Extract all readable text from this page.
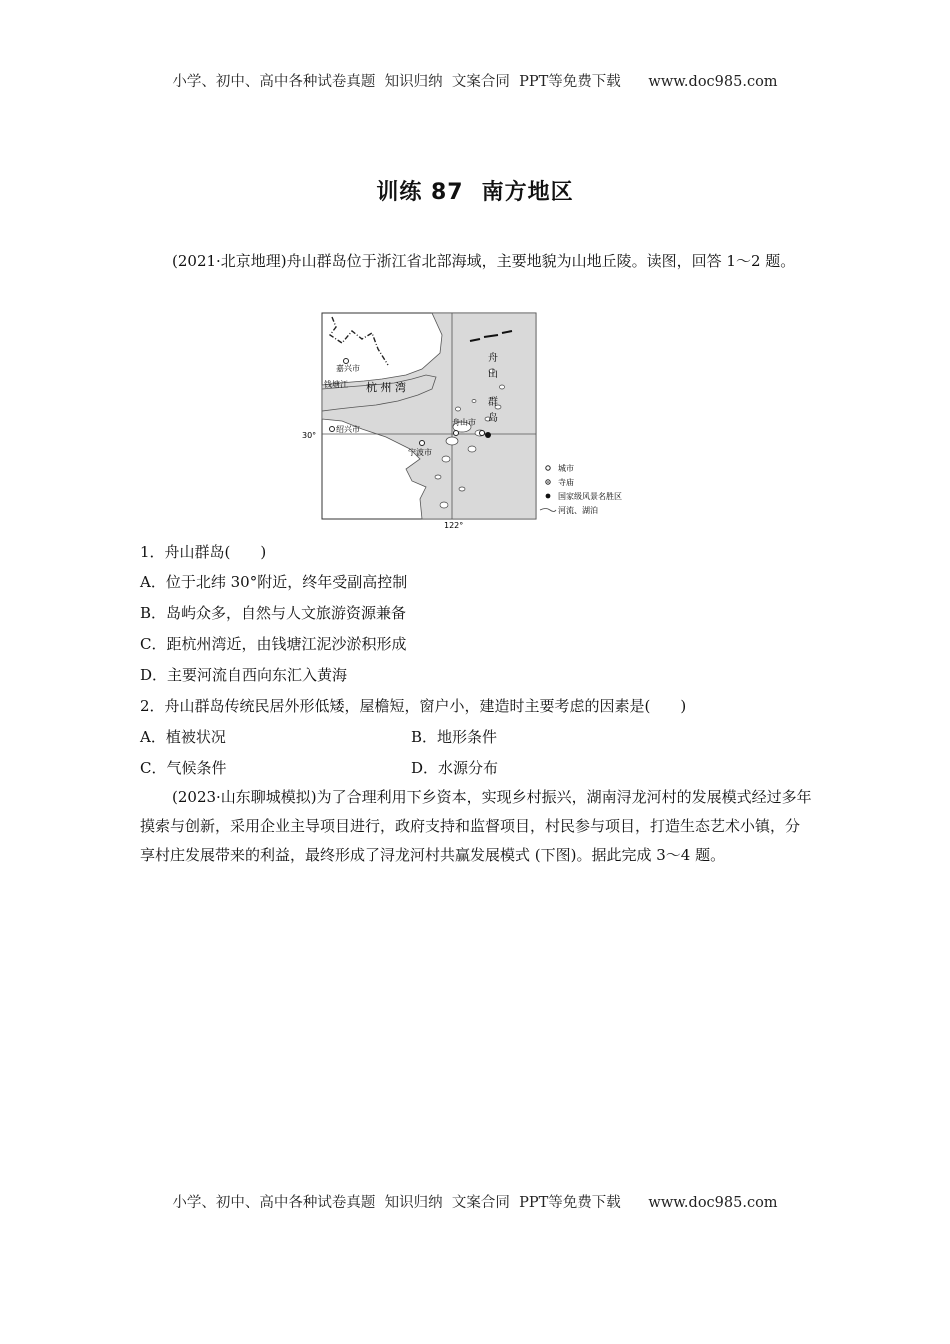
小学、初中、高中各种试卷真题  知识归纳  文案合同  PPT等免费下载      www.doc985.com
训练 87 南方地区
(2021·北京地理)舟山群岛位于浙江省北部海域，主要地貌为山地丘陵。读图，回答 1～2 题。
嘉兴市
钱塘江 杭 州 湾
绍兴市
宁波市
舟山市
舟
山
群
岛
30°
122°
城市
寺庙
国家级风景名胜区
河流、湖泊
1．舟山群岛(　　)
A．位于北纬 30°附近，终年受副高控制
B．岛屿众多，自然与人文旅游资源兼备
C．距杭州湾近，由钱塘江泥沙淤积形成
D．主要河流自西向东汇入黄海
2．舟山群岛传统民居外形低矮，屋檐短，窗户小，建造时主要考虑的因素是(　　)
A．植被状况	B．地形条件
C．气候条件	D．水源分布
(2023·山东聊城模拟)为了合理利用下乡资本，实现乡村振兴，湖南浔龙河村的发展模式经过多年摸索与创新，采用企业主导项目进行，政府支持和监督项目，村民参与项目，打造生态艺术小镇，分享村庄发展带来的利益，最终形成了浔龙河村共赢发展模式 (下图)。据此完成 3～4 题。
小学、初中、高中各种试卷真题  知识归纳  文案合同  PPT等免费下载      www.doc985.com
